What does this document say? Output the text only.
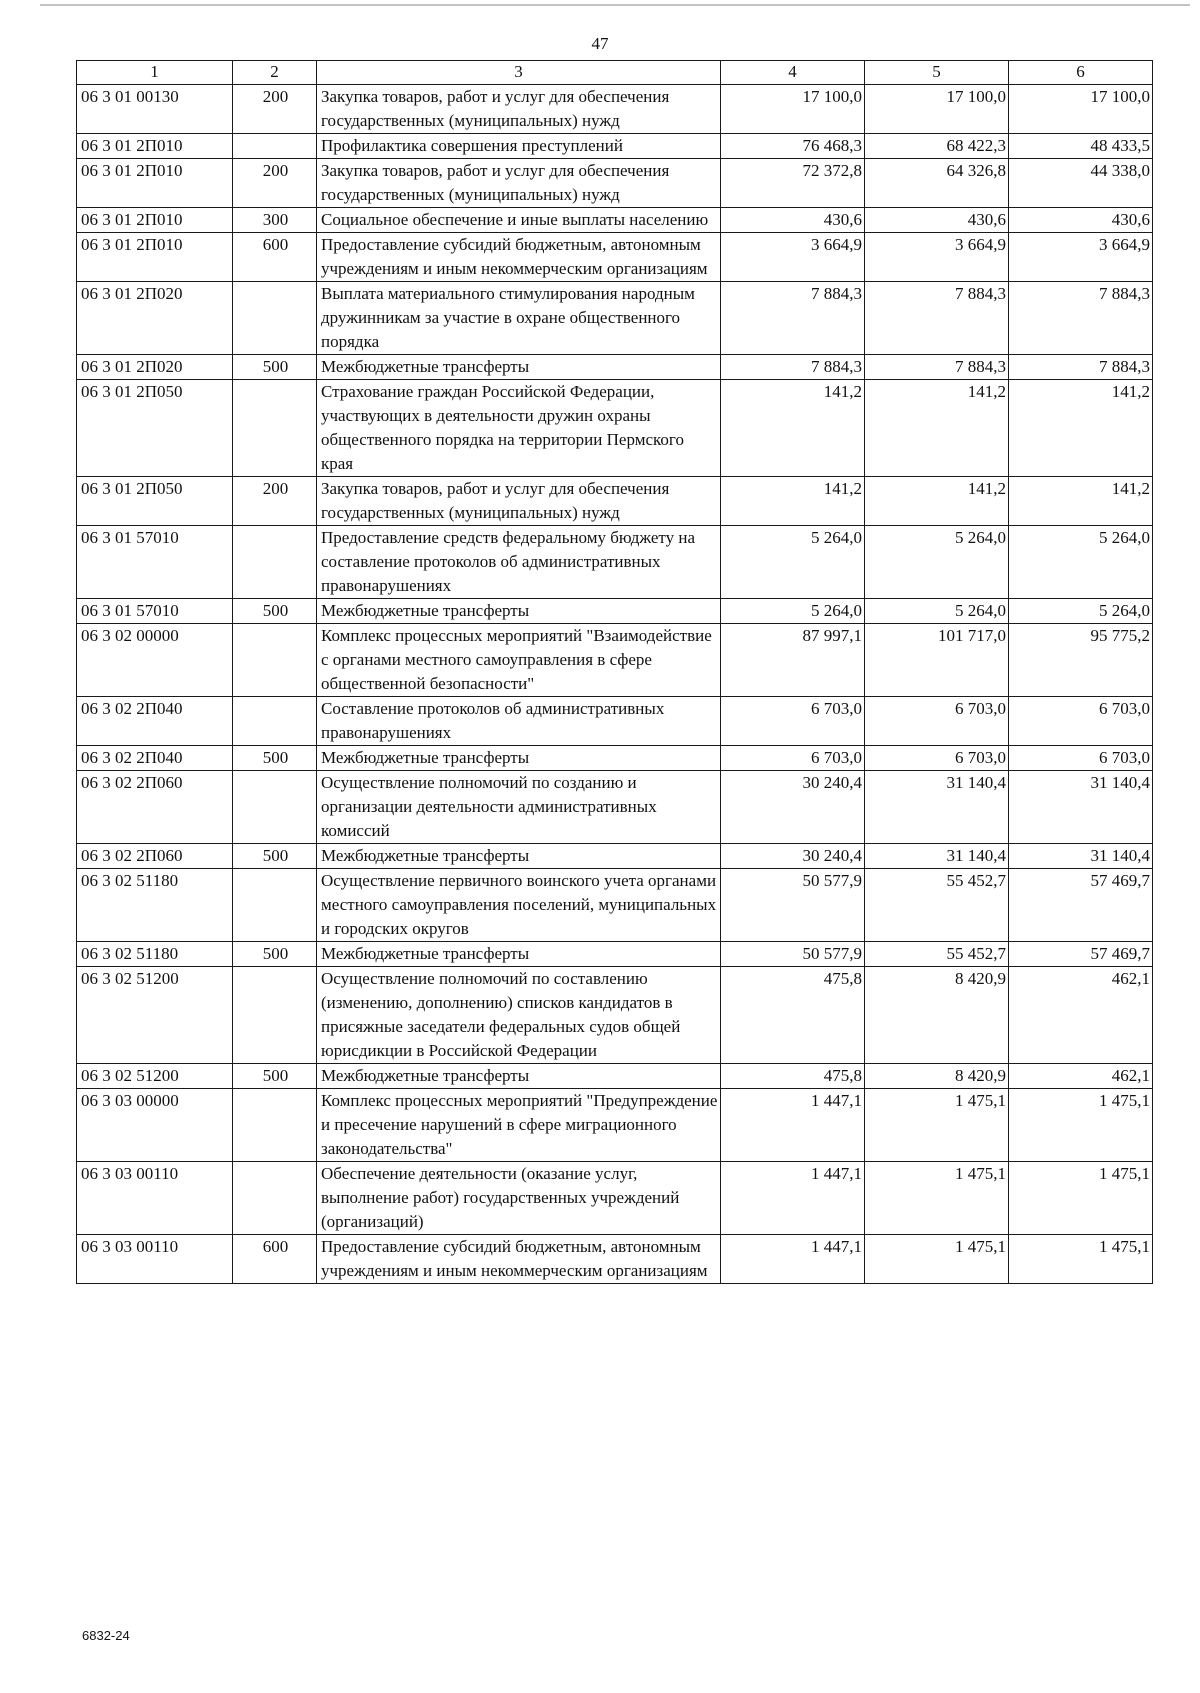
47
1	2	3	4	5	6
06 3 01 00130	200	Закупка товаров, работ и услуг для обеспечения государственных (муниципальных) нужд	17 100,0	17 100,0	17 100,0
06 3 01 2П010		Профилактика совершения преступлений	76 468,3	68 422,3	48 433,5
06 3 01 2П010	200	Закупка товаров, работ и услуг для обеспечения государственных (муниципальных) нужд	72 372,8	64 326,8	44 338,0
06 3 01 2П010	300	Социальное обеспечение и иные выплаты населению	430,6	430,6	430,6
06 3 01 2П010	600	Предоставление субсидий бюджетным, автономным учреждениям и иным некоммерческим организациям	3 664,9	3 664,9	3 664,9
06 3 01 2П020		Выплата материального стимулирования народным дружинникам за участие в охране общественного порядка	7 884,3	7 884,3	7 884,3
06 3 01 2П020	500	Межбюджетные трансферты	7 884,3	7 884,3	7 884,3
06 3 01 2П050		Страхование граждан Российской Федерации, участвующих в деятельности дружин охраны общественного порядка на территории Пермского края	141,2	141,2	141,2
06 3 01 2П050	200	Закупка товаров, работ и услуг для обеспечения государственных (муниципальных) нужд	141,2	141,2	141,2
06 3 01 57010		Предоставление средств федеральному бюджету на составление протоколов об административных правонарушениях	5 264,0	5 264,0	5 264,0
06 3 01 57010	500	Межбюджетные трансферты	5 264,0	5 264,0	5 264,0
06 3 02 00000		Комплекс процессных мероприятий "Взаимодействие с органами местного самоуправления в сфере общественной безопасности"	87 997,1	101 717,0	95 775,2
06 3 02 2П040		Составление протоколов об административных правонарушениях	6 703,0	6 703,0	6 703,0
06 3 02 2П040	500	Межбюджетные трансферты	6 703,0	6 703,0	6 703,0
06 3 02 2П060		Осуществление полномочий по созданию и организации деятельности административных комиссий	30 240,4	31 140,4	31 140,4
06 3 02 2П060	500	Межбюджетные трансферты	30 240,4	31 140,4	31 140,4
06 3 02 51180		Осуществление первичного воинского учета органами местного самоуправления поселений, муниципальных и городских округов	50 577,9	55 452,7	57 469,7
06 3 02 51180	500	Межбюджетные трансферты	50 577,9	55 452,7	57 469,7
06 3 02 51200		Осуществление полномочий по составлению (изменению, дополнению) списков кандидатов в присяжные заседатели федеральных судов общей юрисдикции в Российской Федерации	475,8	8 420,9	462,1
06 3 02 51200	500	Межбюджетные трансферты	475,8	8 420,9	462,1
06 3 03 00000		Комплекс процессных мероприятий "Предупреждение и пресечение нарушений в сфере миграционного законодательства"	1 447,1	1 475,1	1 475,1
06 3 03 00110		Обеспечение деятельности (оказание услуг, выполнение работ) государственных учреждений (организаций)	1 447,1	1 475,1	1 475,1
06 3 03 00110	600	Предоставление субсидий бюджетным, автономным учреждениям и иным некоммерческим организациям	1 447,1	1 475,1	1 475,1
6832-24
